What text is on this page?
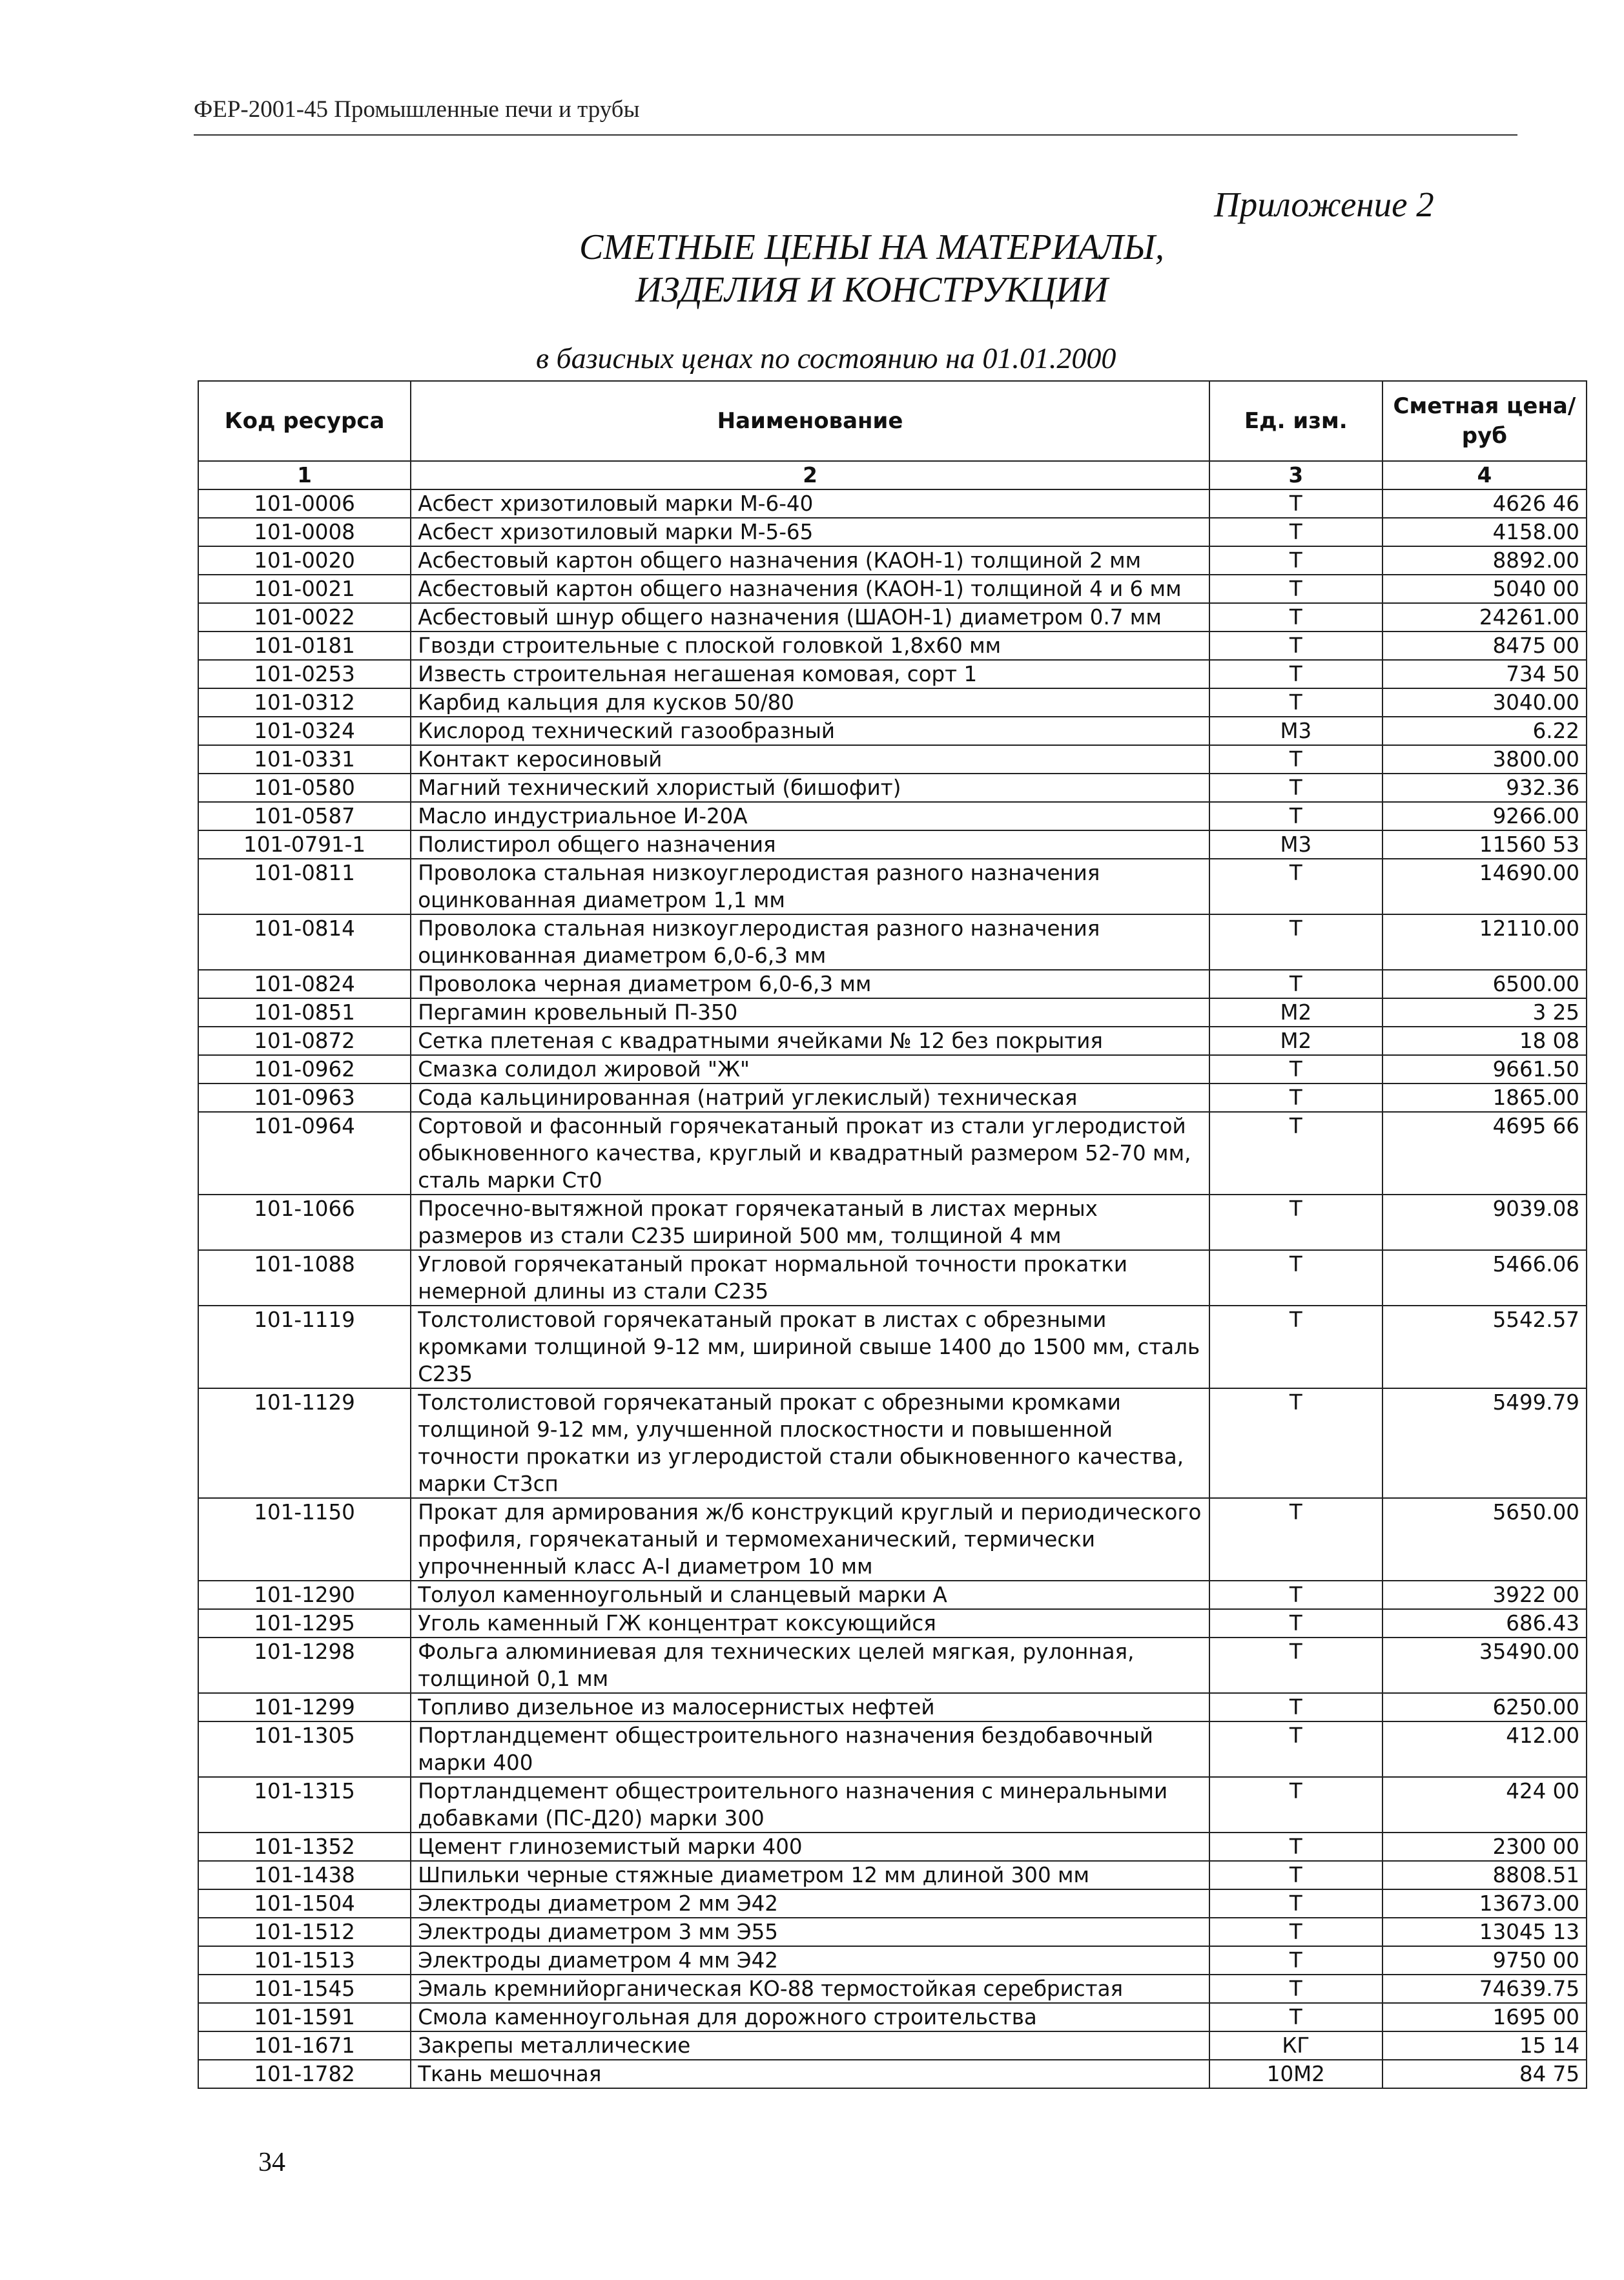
ФЕР-2001-45 Промышленные печи и трубы
Приложение 2
СМЕТНЫЕ ЦЕНЫ НА МАТЕРИАЛЫ,
ИЗДЕЛИЯ И КОНСТРУКЦИИ
в базисных ценах по состоянию на 01.01.2000
Код ресурса	Наименование	Ед. изм.	Сметная цена/руб
1	2	3	4
101-0006	Асбест хризотиловый марки М-6-40	Т	4626 46
101-0008	Асбест хризотиловый марки М-5-65	Т	4158.00
101-0020	Асбестовый картон общего назначения (КАОН-1) толщиной 2 мм	Т	8892.00
101-0021	Асбестовый картон общего назначения (КАОН-1) толщиной 4 и 6 мм	Т	5040 00
101-0022	Асбестовый шнур общего назначения (ШАОН-1) диаметром 0.7 мм	Т	24261.00
101-0181	Гвозди строительные с плоской головкой 1,8х60 мм	Т	8475 00
101-0253	Известь строительная негашеная комовая, сорт 1	Т	734 50
101-0312	Карбид кальция для кусков 50/80	Т	3040.00
101-0324	Кислород технический газообразный	М3	6.22
101-0331	Контакт керосиновый	Т	3800.00
101-0580	Магний технический хлористый (бишофит)	Т	932.36
101-0587	Масло индустриальное И-20А	Т	9266.00
101-0791-1	Полистирол общего назначения	М3	11560 53
101-0811	Проволока стальная низкоуглеродистая разного назначения оцинкованная диаметром 1,1 мм	Т	14690.00
101-0814	Проволока стальная низкоуглеродистая разного назначения оцинкованная диаметром 6,0-6,3 мм	Т	12110.00
101-0824	Проволока черная диаметром 6,0-6,3 мм	Т	6500.00
101-0851	Пергамин кровельный П-350	М2	3 25
101-0872	Сетка плетеная с квадратными ячейками № 12 без покрытия	М2	18 08
101-0962	Смазка солидол жировой "Ж"	Т	9661.50
101-0963	Сода кальцинированная (натрий углекислый) техническая	Т	1865.00
101-0964	Сортовой и фасонный горячекатаный прокат из стали углеродистой обыкновенного качества, круглый и квадратный размером 52-70 мм, сталь марки Ст0	Т	4695 66
101-1066	Просечно-вытяжной прокат горячекатаный в листах мерных размеров из стали С235 шириной 500 мм, толщиной 4 мм	Т	9039.08
101-1088	Угловой горячекатаный прокат нормальной точности прокатки немерной длины из стали С235	Т	5466.06
101-1119	Толстолистовой горячекатаный прокат в листах с обрезными кромками толщиной 9-12 мм, шириной свыше 1400 до 1500 мм, сталь С235	Т	5542.57
101-1129	Толстолистовой горячекатаный прокат с обрезными кромками толщиной 9-12 мм, улучшенной плоскостности и повышенной точности прокатки из углеродистой стали обыкновенного качества, марки Ст3сп	Т	5499.79
101-1150	Прокат для армирования ж/б конструкций круглый и периодического профиля, горячекатаный и термомеханический, термически упрочненный класс А-I диаметром 10 мм	Т	5650.00
101-1290	Толуол каменноугольный и сланцевый марки А	Т	3922 00
101-1295	Уголь каменный ГЖ концентрат коксующийся	Т	686.43
101-1298	Фольга алюминиевая для технических целей мягкая, рулонная, толщиной 0,1 мм	Т	35490.00
101-1299	Топливо дизельное из малосернистых нефтей	Т	6250.00
101-1305	Портландцемент общестроительного назначения бездобавочный марки 400	Т	412.00
101-1315	Портландцемент общестроительного назначения с минеральными добавками (ПС-Д20) марки 300	Т	424 00
101-1352	Цемент глиноземистый марки 400	Т	2300 00
101-1438	Шпильки черные стяжные диаметром 12 мм длиной 300 мм	Т	8808.51
101-1504	Электроды диаметром 2 мм Э42	Т	13673.00
101-1512	Электроды диаметром 3 мм Э55	Т	13045 13
101-1513	Электроды диаметром 4 мм Э42	Т	9750 00
101-1545	Эмаль кремнийорганическая КО-88 термостойкая серебристая	Т	74639.75
101-1591	Смола каменноугольная для дорожного строительства	Т	1695 00
101-1671	Закрепы металлические	КГ	15 14
101-1782	Ткань мешочная	10М2	84 75
34
